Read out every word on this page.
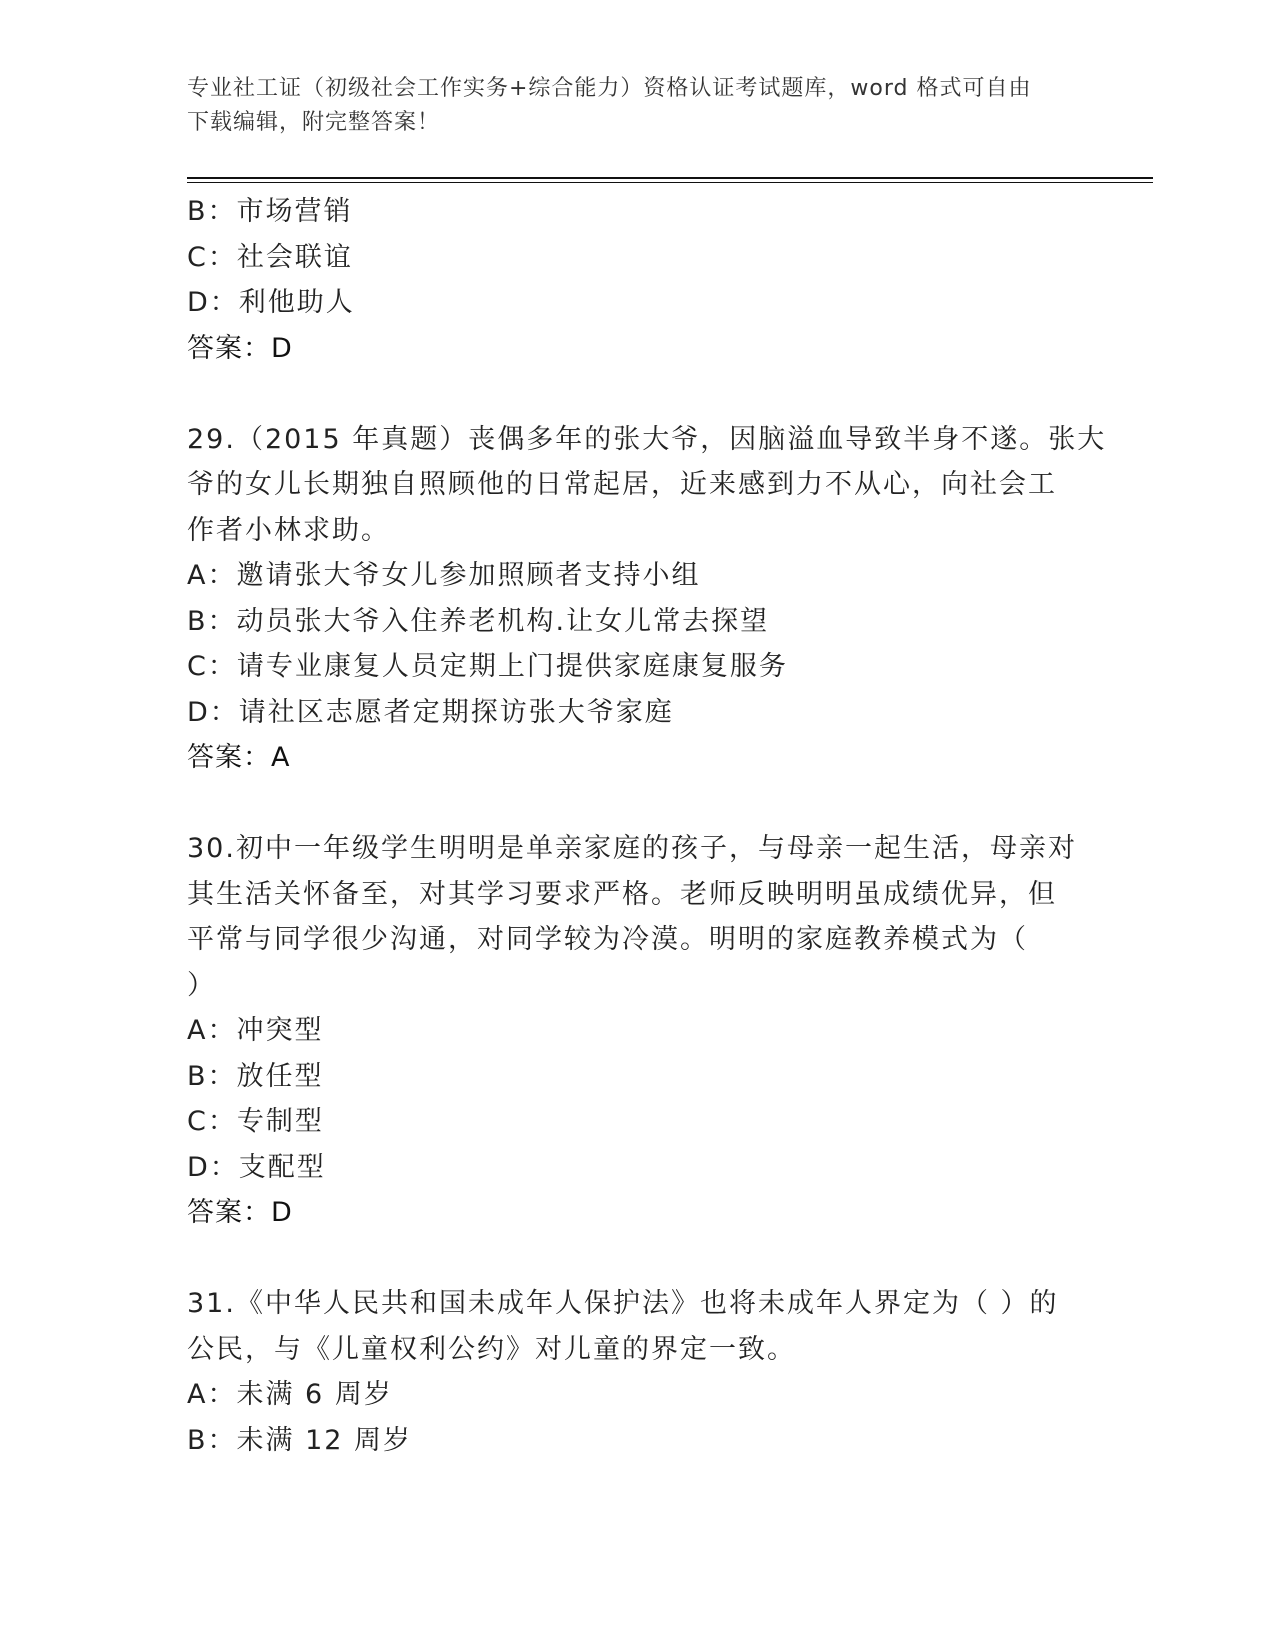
专业社工证（初级社会工作实务+综合能力）资格认证考试题库，word 格式可自由
下载编辑，附完整答案！
B：市场营销
C：社会联谊
D：利他助人
答案：D
29.（2015 年真题）丧偶多年的张大爷，因脑溢血导致半身不遂。张大
爷的女儿长期独自照顾他的日常起居，近来感到力不从心，向社会工
作者小林求助。
A：邀请张大爷女儿参加照顾者支持小组
B：动员张大爷入住养老机构.让女儿常去探望
C：请专业康复人员定期上门提供家庭康复服务
D：请社区志愿者定期探访张大爷家庭
答案：A
30.初中一年级学生明明是单亲家庭的孩子，与母亲一起生活，母亲对
其生活关怀备至，对其学习要求严格。老师反映明明虽成绩优异，但
平常与同学很少沟通，对同学较为冷漠。明明的家庭教养模式为（
）
A：冲突型
B：放任型
C：专制型
D：支配型
答案：D
31.《中华人民共和国未成年人保护法》也将未成年人界定为（ ）的
公民，与《儿童权利公约》对儿童的界定一致。
A：未满 6 周岁
B：未满 12 周岁
